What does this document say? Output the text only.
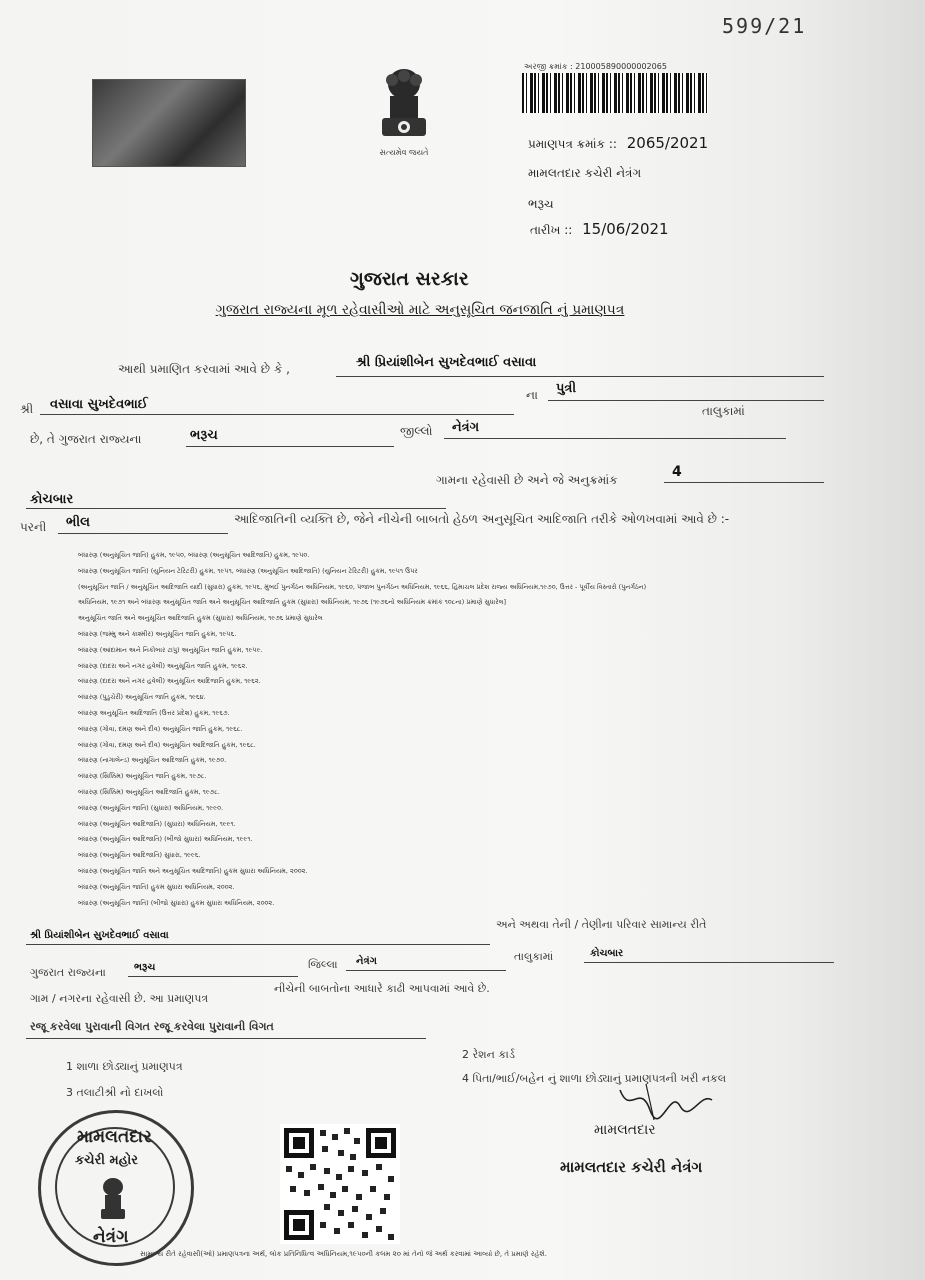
599/21
સત્યમેવ જયતે
અરજી ક્રમાંક : 210005890000002065
પ્રમાણપત્ર ક્રમાંક :: 2065/2021
મામલતદાર કચેરી નેત્રંગ
ભરૂચ
તારીખ :: 15/06/2021
ગુજરાત સરકાર
ગુજરાત રાજ્યના મૂળ રહેવાસીઓ માટે અનુસૂચિત જનજાતિ નું પ્રમાણપત્ર
આથી પ્રમાણિત કરવામાં આવે છે કે ,	શ્રી પ્રિયાંશીબેન સુખદેવભાઈ વસાવા
શ્રી વસાવા સુખદેવભાઈ
ના પુત્રી
તાલુકામાં
છે, તે ગુજરાત રાજ્યના	ભરૂચ	જીલ્લો નેત્રંગ
ગામના રહેવાસી છે અને જે અનુક્રમાંક	4
કોચબાર
પરની ભીલ	આદિજાતિની વ્યક્તિ છે, જેને નીચેની બાબતો હેઠળ અનુસૂચિત આદિજાતિ તરીકે ઓળખવામાં આવે છે :-
બંધારણ (અનુસૂચિત જાતિ) હુકમ, ૧૯૫૦, બંધારણ (અનુસૂચિત આદિજાતિ) હુકમ, ૧૯૫૦.
બંધારણ (અનુસૂચિત જાતિ) (યુનિયન ટેરિટરી) હુકમ, ૧૯૫૧, બંધારણ (અનુસૂચિત આદિજાતિ) (યુનિયન ટેરિટરી) હુકમ, ૧૯૫૧ ઉપર
(અનુસૂચિત જાતિ / અનુસૂચિત આદિજાતિ યાદી (સુધારા) હુકમ, ૧૯૫૬, મુંબઈ પુનર્ગઠન અધિનિયમ, ૧૯૬૦, પંજાબ પુનર્ગઠન અધિનિયમ, ૧૯૬૬, હિમાચલ પ્રદેશ રાજ્ય અધિનિયમ,૧૯૭૦, ઉત્તર - પૂર્વીય વિસ્તારો (પુનર્ગઠન)
અધિનિયમ, ૧૯૭૧ અને બંધારણ અનુસૂચિત જાતિ અને અનુસૂચિત આદિજાતિ હુકમ (સુધારા) અધિનિયમ, ૧૯૭૬ (૧૯૭૬નો અધિનિયમ ક્રમાંક ૧૦૮ના) પ્રમાણે સુધારેલ]
અનુસૂચિત જાતિ અને અનુસૂચિત આદિજાતિ હુકમ (સુધારા) અધિનિયમ, ૧૯૭૬ પ્રમાણે સુધારેલ
બંધારણ (જમ્મુ અને કાશ્મીર) અનુસૂચિત જાતિ હુકમ, ૧૯૫૬.
બંધારણ (આંદામાન અને નિકોબાર ટાપુ) અનુસૂચિત જાતિ હુકમ, ૧૯૫૯.
બંધારણ (દાદરા અને નગર હવેલી) અનુસૂચિત જાતિ હુકમ, ૧૯૬૨.
બંધારણ (દાદરા અને નગર હવેલી) અનુસૂચિત આદિજાતિ હુકમ, ૧૯૬૨.
બંધારણ (પુડુચેરી) અનુસૂચિત જાતિ હુકમ, ૧૯૬૪.
બંધારણ અનુસૂચિત આદિજાતિ (ઉત્તર પ્રદેશ) હુકમ, ૧૯૬૭.
બંધારણ (ગોવા, દમણ અને દીવ) અનુસૂચિત જાતિ હુકમ, ૧૯૬૮.
બંધારણ (ગોવા, દમણ અને દીવ) અનુસૂચિત આદિજાતિ હુકમ, ૧૯૬૮.
બંધારણ (નાગાલેન્ડ) અનુસૂચિત આદિજાતિ હુકમ, ૧૯૭૦.
બંધારણ (સિક્કિમ) અનુસૂચિત જાતિ હુકમ, ૧૯૭૮.
બંધારણ (સિક્કિમ) અનુસૂચિત આદિજાતિ હુકમ, ૧૯૭૮.
બંધારણ (અનુસૂચિત જાતિ) (સુધારા) અધિનિયમ, ૧૯૯૦.
બંધારણ (અનુસૂચિત આદિજાતિ) (સુધારા) અધિનિયમ, ૧૯૯૧.
બંધારણ (અનુસૂચિત આદિજાતિ) (બીજો સુધારા) અધિનિયમ, ૧૯૯૧.
બંધારણ (અનુસૂચિત આદિજાતિ) સુધારા, ૧૯૯૬.
બંધારણ (અનુસૂચિત જાતિ અને અનુસૂચિત આદિજાતિ) હુકમ સુધારા અધિનિયમ, ૨૦૦૨.
બંધારણ (અનુસૂચિત જાતિ) હુકમ સુધારા અધિનિયમ, ૨૦૦૨.
બંધારણ (અનુસૂચિત જાતિ) (બીજો સુધારા) હુકમ સુધારા અધિનિયમ, ૨૦૦૨.
શ્રી પ્રિયાંશીબેન સુખદેવભાઈ વસાવા
અને અથવા તેની / તેણીના પરિવાર સામાન્ય રીતે
ગુજરાત રાજ્યના	ભરૂચ	જિલ્લા નેત્રંગ	તાલુકામાં	કોચબાર
ગામ / નગરના રહેવાસી છે. આ પ્રમાણપત્ર
નીચેની બાબતોના આધારે કાઢી આપવામાં આવે છે.
રજૂ કરવેલા પુરાવાની વિગત રજૂ કરવેલા પુરાવાની વિગત
1 શાળા છોડ્યાનું પ્રમાણપત્ર
2 રેશન કાર્ડ
3 તલાટીશ્રી નો દાખલો
4 પિતા/ભાઈ/બહેન નું શાળા છોડ્યાનું પ્રમાણપત્રની ખરી નકલ
મામલતદાર
મામલતદાર કચેરી નેત્રંગ
મામલતદાર
કચેરી મહોર
નેત્રંગ
સામાન્ય રીતે રહેવાસી(ઓ) પ્રમાણપત્રના અર્થ, લોક પ્રતિનિધિત્વ અધિનિયમ,૧૯૫૦ની કલમ ૨૦ માં તેનો જે અર્થ કરવામાં આવ્યો છે, તે પ્રમાણે રહેશે.
